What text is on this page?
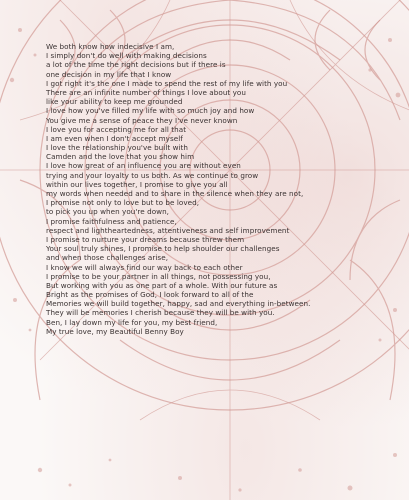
We both know how indecisive I am,
I simply don't do well with making decisions
a lot of the time the right decisions but if there is
one decision in my life that I know
I got right it's the one I made to spend the rest of my life with you
There are an infinite number of things I love about you
like your ability to keep me grounded
I love how you've filled my life with so much joy and how
You give me a sense of peace they I've never known
I love you for accepting me for all that
I am even when I don't accept myself
I love the relationship you've built with
Camden and the love that you show him
I love how great of an influence you are without even
trying and your loyalty to us both. As we continue to grow
within our lives together, I promise to give you all
my words when needed and to share in the silence when they are not,
I promise not only to love but to be loved,
to pick you up when you're down,
I promise faithfulness and patience,
respect and lightheartedness, attentiveness and self improvement
I promise to nurture your dreams because threw them
Your soul truly shines, I promise to help shoulder our challenges
and when those challenges arise,
I know we will always find our way back to each other
I promise to be your partner in all things, not possessing you,
But working with you as one part of a whole. With our future as
Bright as the promises of God, I look forward to all of the
Memories we will build together, happy, sad and everything in-between.
They will be memories I cherish because they will be with you.
Ben, I lay down my life for you, my best friend,
My true love, my Beautiful Benny Boy
